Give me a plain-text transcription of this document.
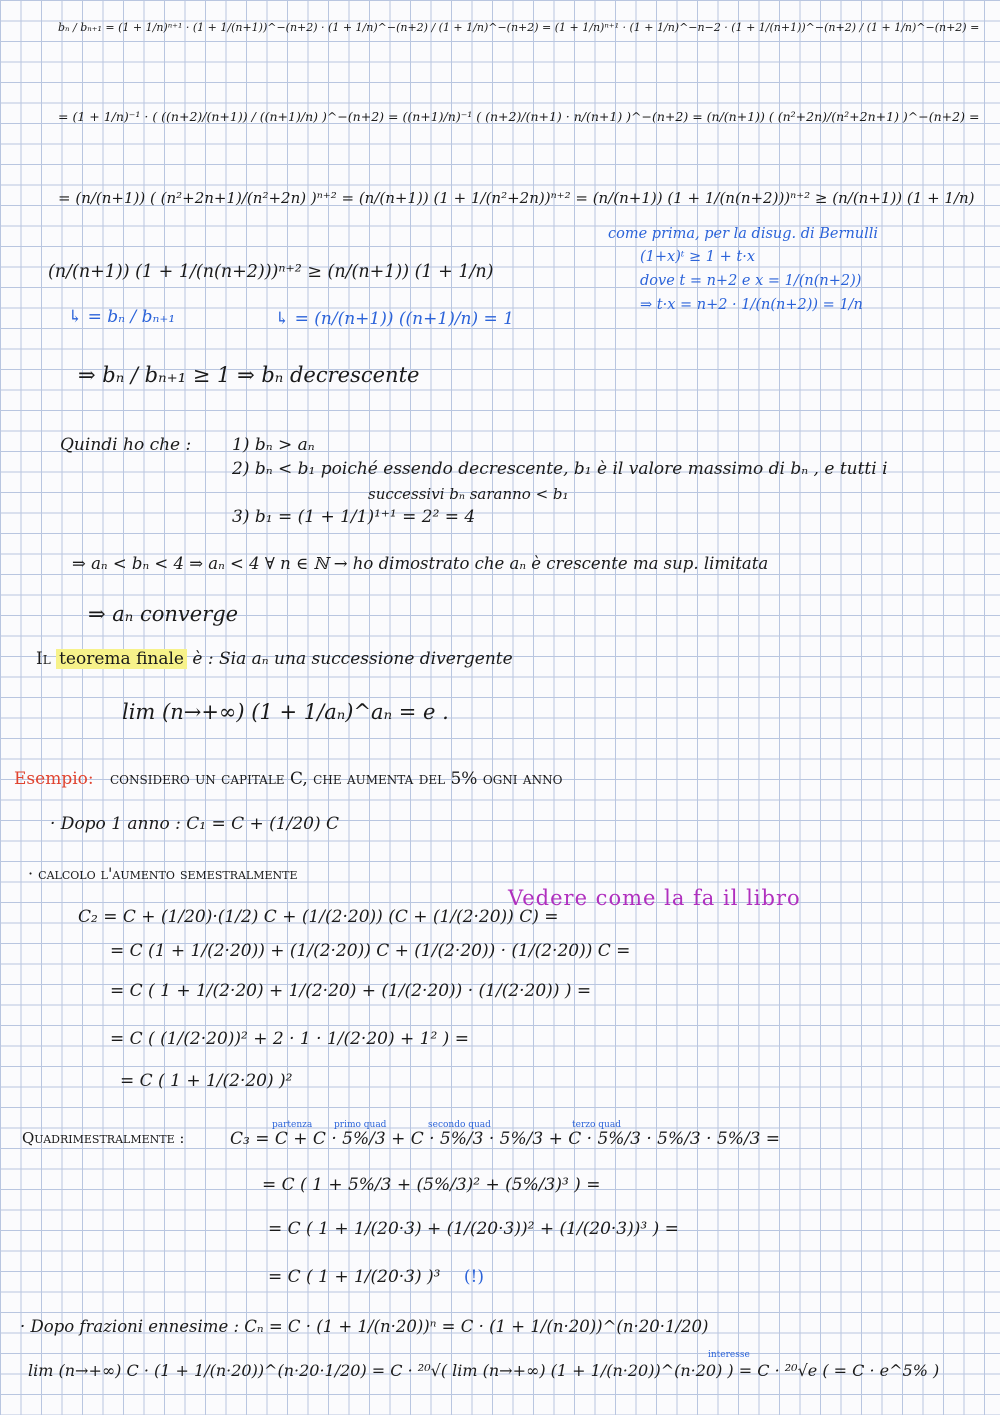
bₙ / bₙ₊₁ = (1 + 1/n)ⁿ⁺¹ · (1 + 1/(n+1))^−(n+2) · (1 + 1/n)^−(n+2) / (1 + 1/n)^−(n+2) = (1 + 1/n)ⁿ⁺¹ · (1 + 1/n)^−n−2 · (1 + 1/(n+1))^−(n+2) / (1 + 1/n)^−(n+2) =
= (1 + 1/n)⁻¹ · ( ((n+2)/(n+1)) / ((n+1)/n) )^−(n+2) = ((n+1)/n)⁻¹ ( (n+2)/(n+1) · n/(n+1) )^−(n+2) = (n/(n+1)) ( (n²+2n)/(n²+2n+1) )^−(n+2) =
= (n/(n+1)) ( (n²+2n+1)/(n²+2n) )ⁿ⁺² = (n/(n+1)) (1 + 1/(n²+2n))ⁿ⁺² = (n/(n+1)) (1 + 1/(n(n+2)))ⁿ⁺² ≥ (n/(n+1)) (1 + 1/n)
come prima, per la disug. di Bernulli
(1+x)ᵗ ≥ 1 + t·x
dove t = n+2 e x = 1/(n(n+2))
⇒ t·x = n+2 · 1/(n(n+2)) = 1/n
(n/(n+1)) (1 + 1/(n(n+2)))ⁿ⁺² ≥ (n/(n+1)) (1 + 1/n)
↳ = bₙ / bₙ₊₁	↳ = (n/(n+1)) ((n+1)/n) = 1
⇒ bₙ / bₙ₊₁ ≥ 1 ⇒ bₙ decrescente
Quindi ho che : 1) bₙ > aₙ
2) bₙ < b₁ poiché essendo decrescente, b₁ è il valore massimo di bₙ , e tutti i
successivi bₙ saranno < b₁
3) b₁ = (1 + 1/1)¹⁺¹ = 2² = 4
⇒ aₙ < bₙ < 4 ⇒ aₙ < 4 ∀ n ∈ ℕ → ho dimostrato che aₙ è crescente ma sup. limitata
⇒ aₙ converge
Il teorema finale è : Sia aₙ una successione divergente
lim (n→+∞) (1 + 1/aₙ)^aₙ = e .
Esempio: considero un capitale C, che aumenta del 5% ogni anno
· Dopo 1 anno : C₁ = C + (1/20) C
· calcolo l'aumento semestralmente
Vedere come la fa il libro
C₂ = C + (1/20)·(1/2) C + (1/(2·20)) (C + (1/(2·20)) C) =
= C (1 + 1/(2·20)) + (1/(2·20)) C + (1/(2·20)) · (1/(2·20)) C =
= C ( 1 + 1/(2·20) + 1/(2·20) + (1/(2·20)) · (1/(2·20)) ) =
= C ( (1/(2·20))² + 2 · 1 · 1/(2·20) + 1² ) =
= C ( 1 + 1/(2·20) )²
partenza primo quad	secondo quad	terzo quad
Quadrimestralmente :	C₃ = C + C · 5%/3 + C · 5%/3 · 5%/3 + C · 5%/3 · 5%/3 · 5%/3 =
= C ( 1 + 5%/3 + (5%/3)² + (5%/3)³ ) =
= C ( 1 + 1/(20·3) + (1/(20·3))² + (1/(20·3))³ ) =
= C ( 1 + 1/(20·3) )³ (!)
· Dopo frazioni ennesime : Cₙ = C · (1 + 1/(n·20))ⁿ = C · (1 + 1/(n·20))^(n·20·1/20)
lim (n→+∞) C · (1 + 1/(n·20))^(n·20·1/20) = C · ²⁰√( lim (n→+∞) (1 + 1/(n·20))^(n·20) ) = C · ²⁰√e ( = C · e^5% )
interesse
